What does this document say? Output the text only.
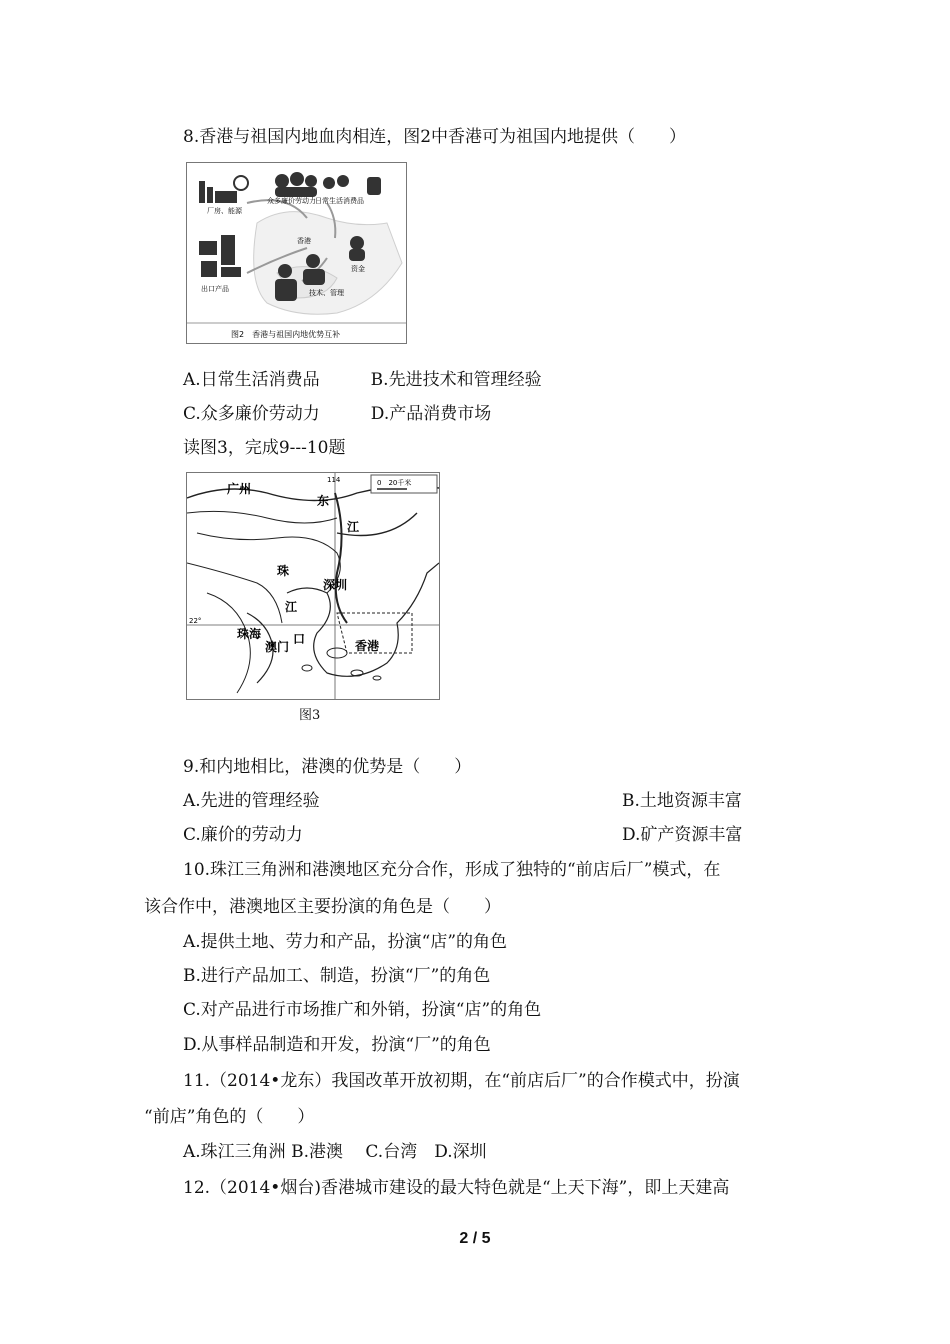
8.香港与祖国内地血肉相连，图2中香港可为祖国内地提供（　　）
众多廉价劳动力 日常生活消费品
厂房、能源
香港
资金
出口产品	技术、管理
图2　香港与祖国内地优势互补
A.日常生活消费品　　　B.先进技术和管理经验
C.众多廉价劳动力　　　D.产品消费市场
读图3，完成9---10题
0　20千米
114
22°
广州
东
江
珠
深圳
江
珠海	口
澳门	香港
图3
9.和内地相比，港澳的优势是（　　）
A.先进的管理经验	B.土地资源丰富
C.廉价的劳动力	D.矿产资源丰富
10.珠江三角洲和港澳地区充分合作，形成了独特的“前店后厂”模式，在
该合作中，港澳地区主要扮演的角色是（　　）
A.提供土地、劳力和产品，扮演“店”的角色
B.进行产品加工、制造，扮演“厂”的角色
C.对产品进行市场推广和外销，扮演“店”的角色
D.从事样品制造和开发，扮演“厂”的角色
11.（2014•龙东）我国改革开放初期，在“前店后厂”的合作模式中，扮演
“前店”角色的（　　）
A.珠江三角洲 B.港澳　 C.台湾　D.深圳
12.（2014•烟台)香港城市建设的最大特色就是“上天下海”，即上天建高
2 / 5
